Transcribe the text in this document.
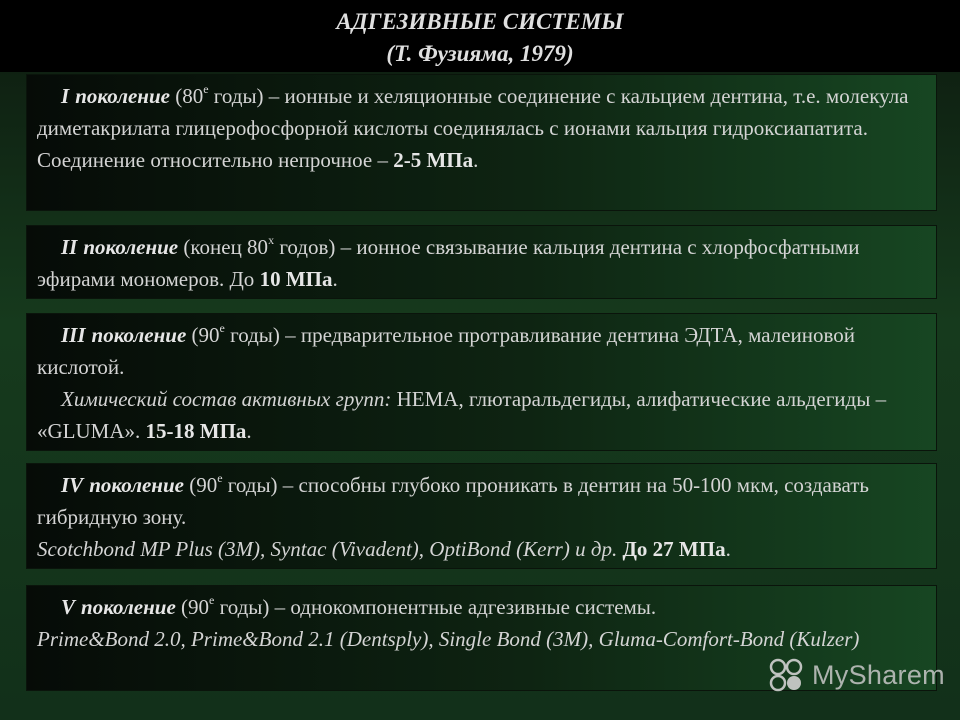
АДГЕЗИВНЫЕ СИСТЕМЫ
(Т. Фузияма, 1979)
I поколение ($80^е$ годы) – ионные и хеляционные соединение с кальцием дентина, т.е. молекула диметакрилата глицерофосфорной кислоты соединялась с ионами кальция гидроксиапатита. Соединение относительно непрочное – 2-5 МПа.
II поколение (конец $80^х$ годов) – ионное связывание кальция дентина с хлорфосфатными эфирами мономеров. До 10 МПа.
III поколение ($90^е$ годы) – предварительное протравливание дентина ЭДТА, малеиновой кислотой.
Химический состав активных групп: HEMA, глютаральдегиды, алифатические альдегиды – «GLUMA». 15-18 МПа.
IV поколение ($90^е$ годы) – способны глубоко проникать в дентин на 50-100 мкм, создавать гибридную зону.
Scotchbond MP Plus (3M), Syntac (Vivadent), OptiBond (Kerr) и др. До 27 МПа.
V поколение ($90^е$ годы) – однокомпонентные адгезивные системы.
Prime&Bond 2.0, Prime&Bond 2.1 (Dentsply), Single Bond (3M), Gluma-Comfort-Bond (Kulzer)
MySharem
